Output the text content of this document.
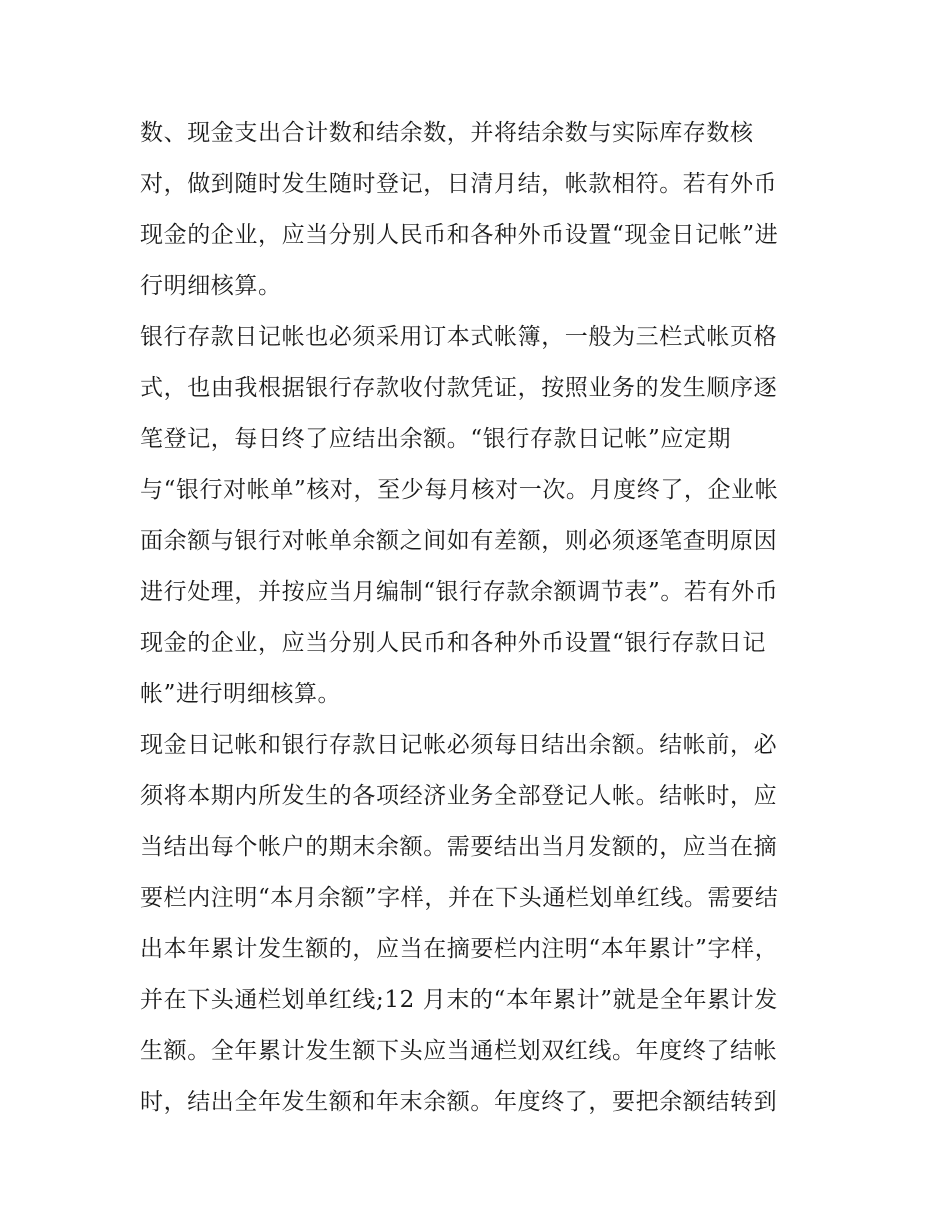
数、现金支出合计数和结余数，并将结余数与实际库存数核
对，做到随时发生随时登记，日清月结，帐款相符。若有外币
现金的企业，应当分别人民币和各种外币设置“现金日记帐”进
行明细核算。
银行存款日记帐也必须采用订本式帐簿，一般为三栏式帐页格
式，也由我根据银行存款收付款凭证，按照业务的发生顺序逐
笔登记，每日终了应结出余额。“银行存款日记帐”应定期
与“银行对帐单”核对，至少每月核对一次。月度终了，企业帐
面余额与银行对帐单余额之间如有差额，则必须逐笔查明原因
进行处理，并按应当月编制“银行存款余额调节表”。若有外币
现金的企业，应当分别人民币和各种外币设置“银行存款日记
帐”进行明细核算。
现金日记帐和银行存款日记帐必须每日结出余额。结帐前，必
须将本期内所发生的各项经济业务全部登记人帐。结帐时，应
当结出每个帐户的期末余额。需要结出当月发额的，应当在摘
要栏内注明“本月余额”字样，并在下头通栏划单红线。需要结
出本年累计发生额的，应当在摘要栏内注明“本年累计”字样，
并在下头通栏划单红线;12 月末的“本年累计”就是全年累计发
生额。全年累计发生额下头应当通栏划双红线。年度终了结帐
时，结出全年发生额和年末余额。年度终了，要把余额结转到
